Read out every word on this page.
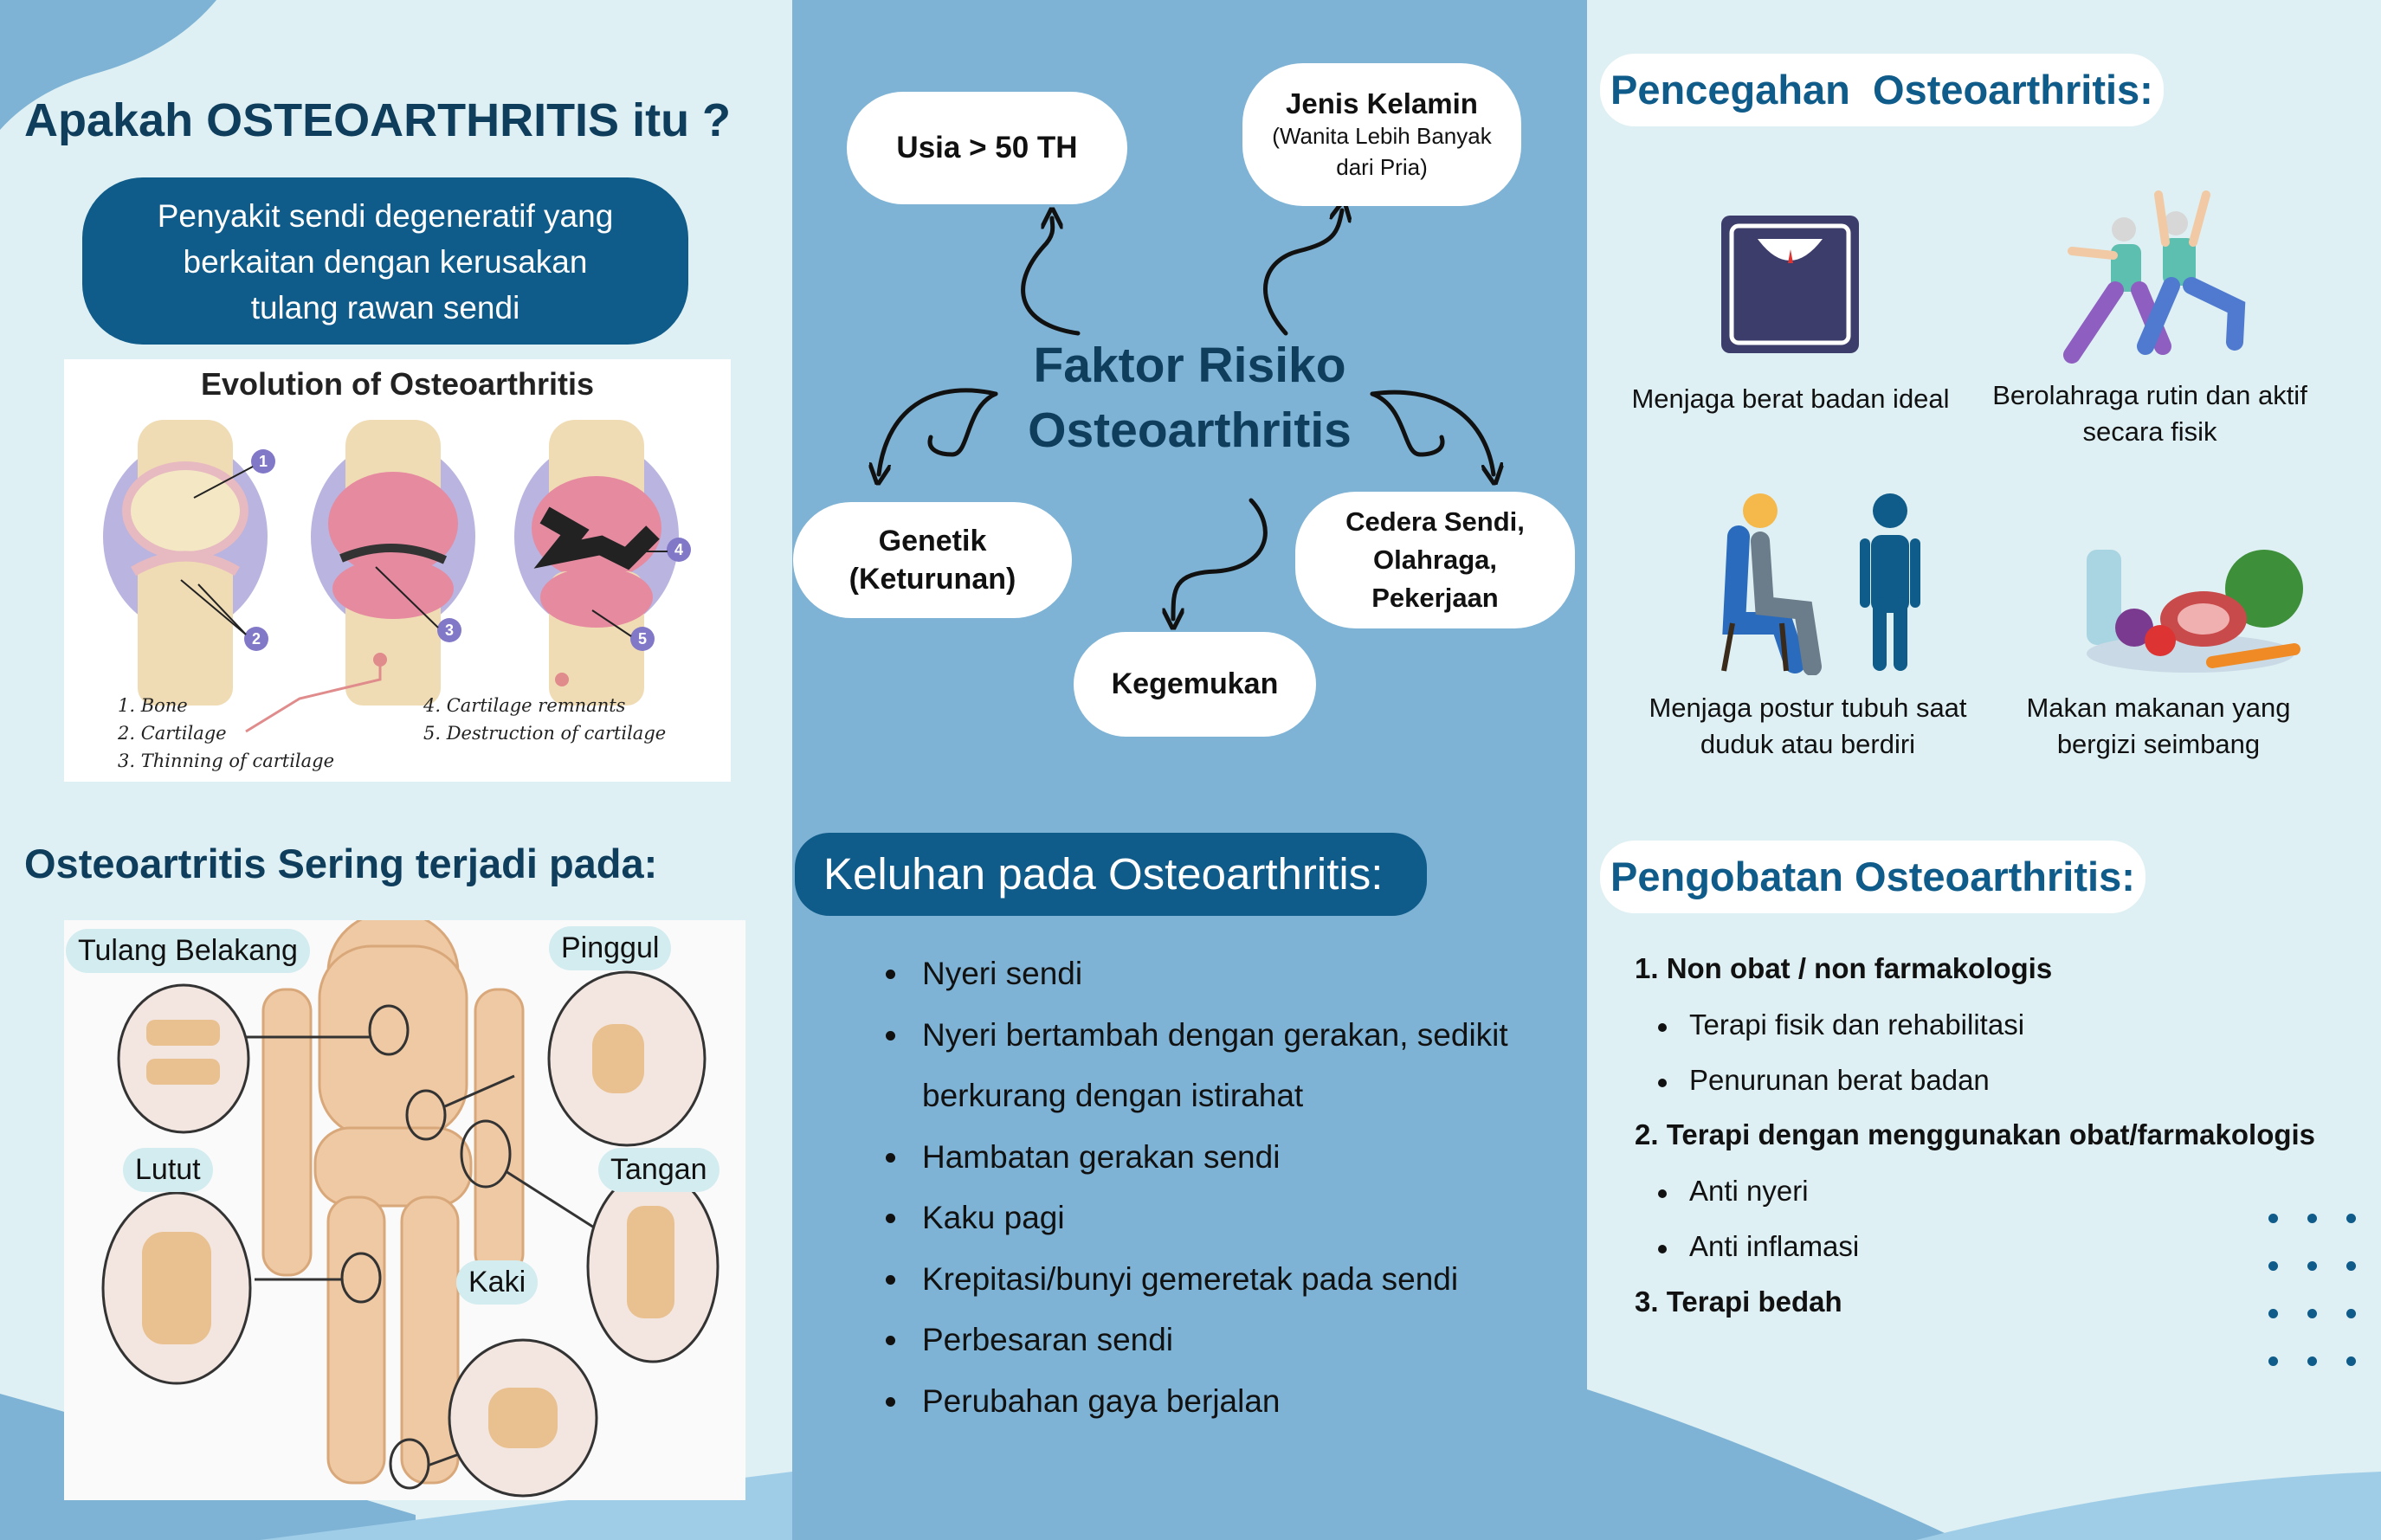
Apakah OSTEOARTHRITIS itu ?
Penyakit sendi degeneratif yang
berkaitan dengan kerusakan
tulang rawan sendi
Evolution of Osteoarthritis
1
2	3
4
5
1. Bone
2. Cartilage
3. Thinning of cartilage
4. Cartilage remnants
5. Destruction of cartilage
Osteoartritis Sering terjadi pada:
Tulang Belakang	Pinggul
Lutut	Tangan
Kaki
Usia > 50 TH
Jenis Kelamin
(Wanita Lebih Banyak
dari Pria)
Faktor Risiko
Osteoarthritis
Genetik
(Keturunan)
Cedera Sendi,
Olahraga,
Pekerjaan
Kegemukan
Keluhan pada Osteoarthritis:
Nyeri sendi
Nyeri bertambah dengan gerakan, sedikit
berkurang dengan istirahat
Hambatan gerakan sendi
Kaku pagi
Krepitasi/bunyi gemeretak pada sendi
Perbesaran sendi
Perubahan gaya berjalan
Pencegahan  Osteoarthritis:
Menjaga berat badan ideal	Berolahraga rutin dan aktif
secara fisik
Menjaga postur tubuh saat
duduk atau berdiri
Makan makanan yang
bergizi seimbang
Pengobatan Osteoarthritis:
1. Non obat / non farmakologis
Terapi fisik dan rehabilitasi
Penurunan berat badan
2. Terapi dengan menggunakan obat/farmakologis
Anti nyeri
Anti inflamasi
3. Terapi bedah
